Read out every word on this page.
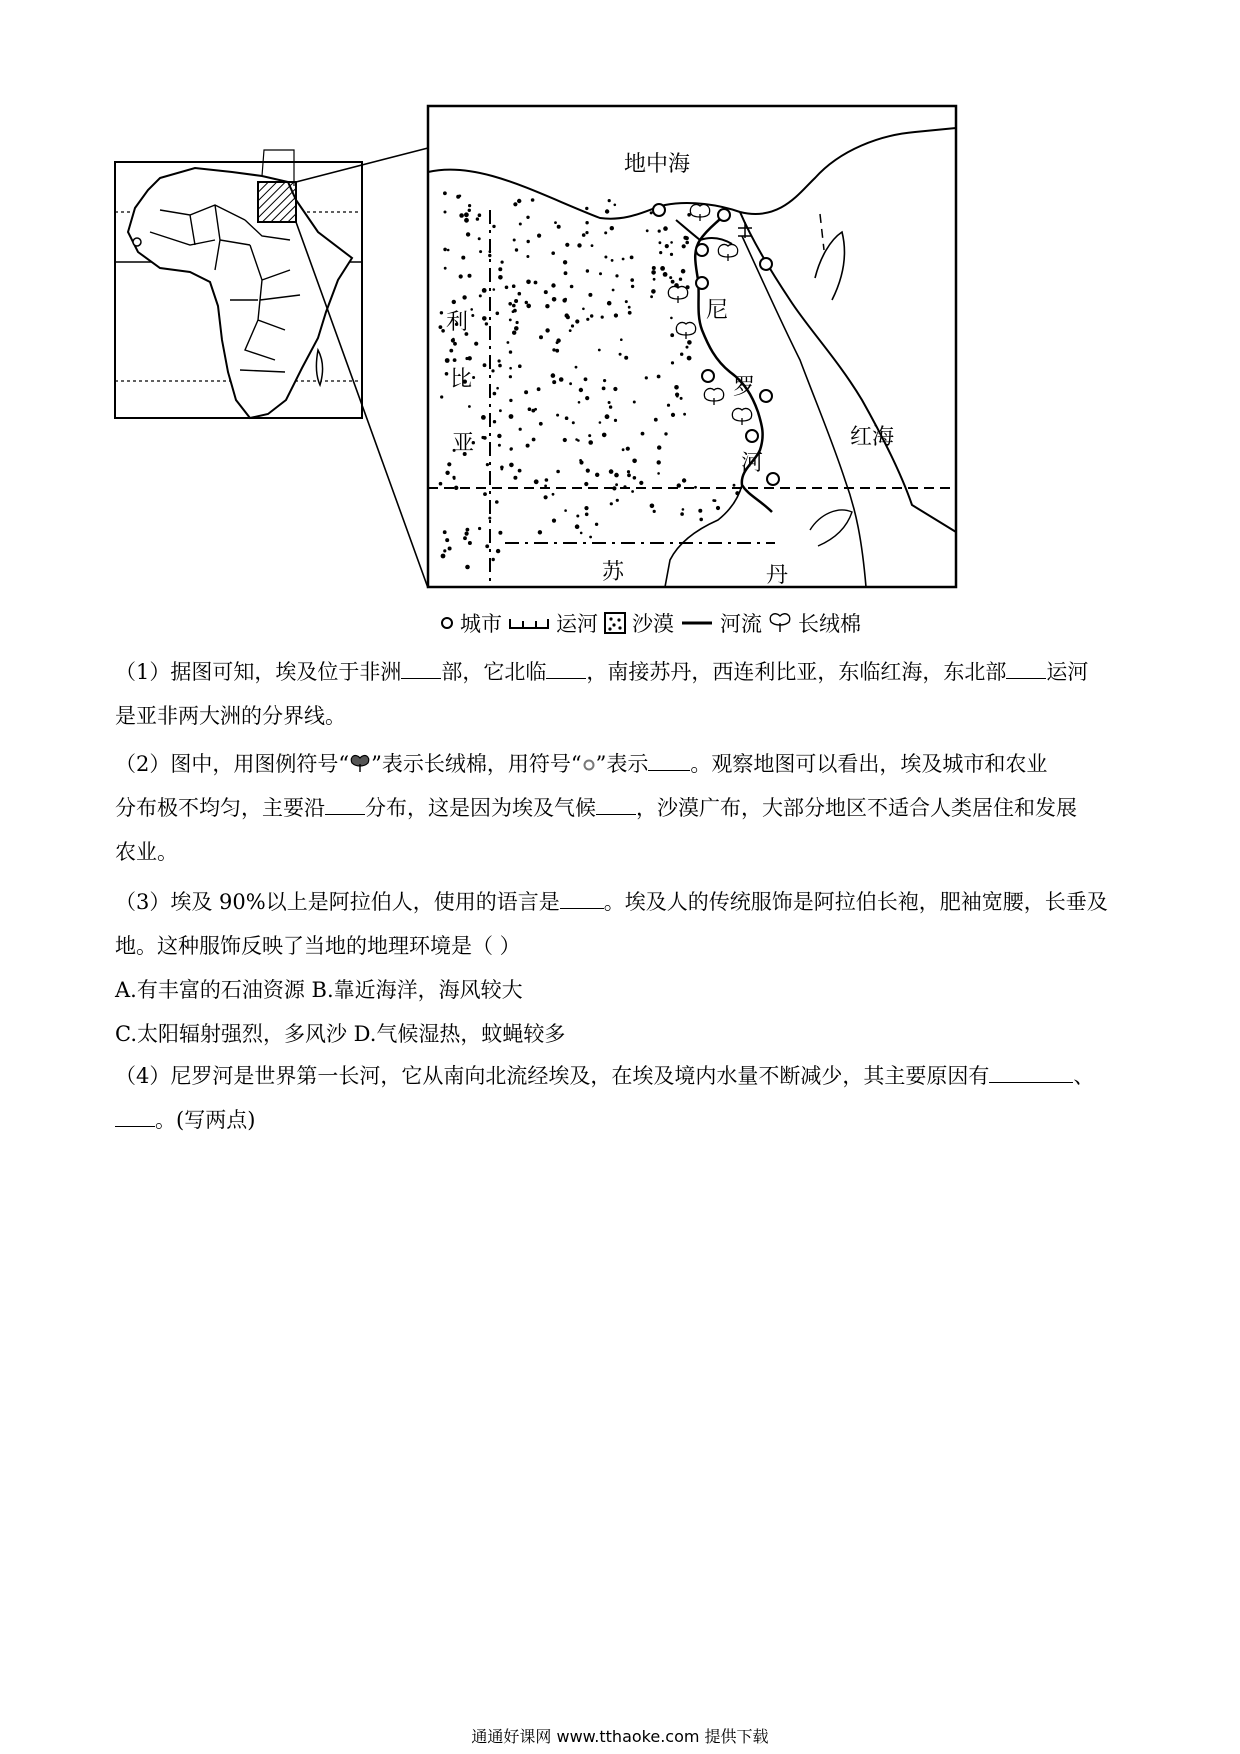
地中海
利
比
亚
尼
罗
河
红海
苏	丹
城市	运河 沙漠 河流 长绒棉
（1）据图可知，埃及位于非洲 部，它北临 ，南接苏丹，西连利比亚，东临红海，东北部 运河
是亚非两大洲的分界线。
（2）图中，用图例符号“ ”表示长绒棉，用符号“ ”表示 。观察地图可以看出，埃及城市和农业
分布极不均匀，主要沿 分布，这是因为埃及气候 ，沙漠广布，大部分地区不适合人类居住和发展
农业。
（3）埃及 90%以上是阿拉伯人，使用的语言是 。埃及人的传统服饰是阿拉伯长袍，肥袖宽腰，长垂及
地。这种服饰反映了当地的地理环境是（ ）
A.有丰富的石油资源 B.靠近海洋，海风较大
C.太阳辐射强烈，多风沙 D.气候湿热，蚊蝇较多
（4）尼罗河是世界第一长河，它从南向北流经埃及，在埃及境内水量不断减少，其主要原因有	、
。(写两点)
通通好课网 www.tthaoke.com 提供下载
